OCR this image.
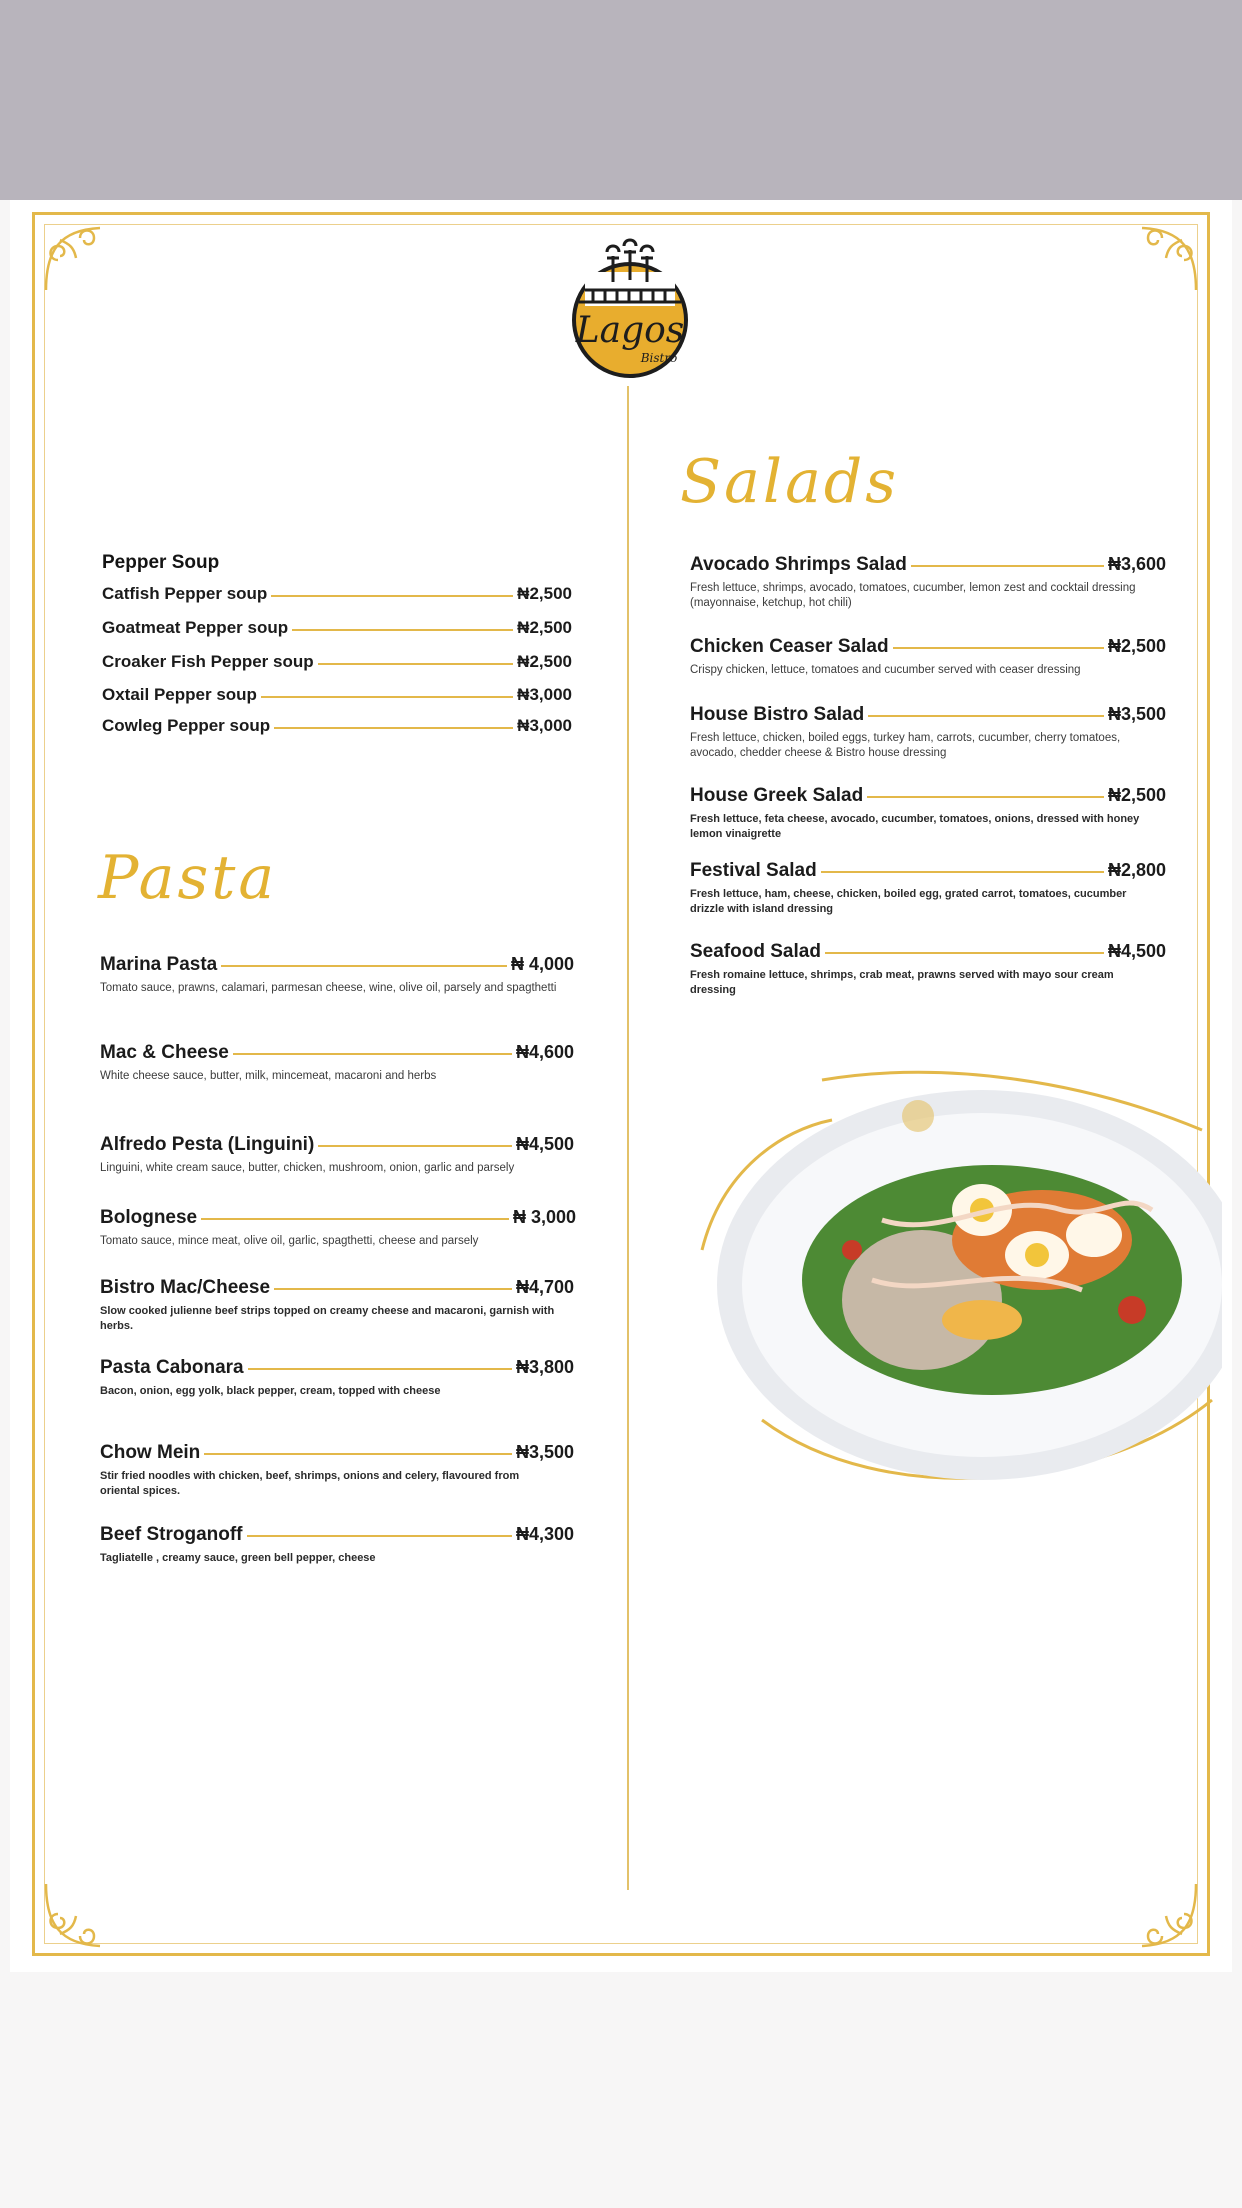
Lagos
Bistro
Pepper Soup
Catfish Pepper soup	₦2,500
Goatmeat Pepper soup	₦2,500
Croaker Fish Pepper soup	₦2,500
Oxtail Pepper soup	₦3,000
Cowleg Pepper soup	₦3,000
Pasta
Marina Pasta	₦ 4,000
Tomato sauce, prawns, calamari, parmesan cheese, wine, olive oil, parsely and spagthetti
Mac & Cheese	₦4,600
White cheese sauce, butter, milk, mincemeat, macaroni and herbs
Alfredo Pesta (Linguini)	₦4,500
Linguini, white cream sauce, butter, chicken, mushroom, onion, garlic and parsely
Bolognese	₦ 3,000
Tomato sauce, mince meat, olive oil, garlic, spagthetti, cheese and parsely
Bistro Mac/Cheese	₦4,700
Slow cooked julienne beef strips topped on creamy cheese and macaroni, garnish with herbs.
Pasta Cabonara	₦3,800
Bacon, onion, egg yolk, black pepper, cream, topped with cheese
Chow Mein	₦3,500
Stir fried noodles with chicken, beef, shrimps, onions and celery, flavoured from oriental spices.
Beef Stroganoff	₦4,300
Tagliatelle , creamy sauce, green bell pepper, cheese
Salads
Avocado Shrimps Salad	₦3,600
Fresh lettuce, shrimps, avocado, tomatoes, cucumber, lemon zest and cocktail dressing (mayonnaise, ketchup, hot chili)
Chicken Ceaser Salad	₦2,500
Crispy chicken, lettuce, tomatoes and cucumber served with ceaser dressing
House Bistro Salad	₦3,500
Fresh lettuce, chicken, boiled eggs, turkey ham, carrots, cucumber, cherry tomatoes, avocado, chedder cheese & Bistro house dressing
House Greek Salad	₦2,500
Fresh lettuce, feta cheese, avocado, cucumber, tomatoes, onions, dressed with honey lemon vinaigrette
Festival Salad	₦2,800
Fresh lettuce, ham, cheese, chicken, boiled egg, grated carrot, tomatoes, cucumber drizzle with island dressing
Seafood Salad	₦4,500
Fresh romaine lettuce, shrimps, crab meat, prawns served with mayo sour cream dressing
